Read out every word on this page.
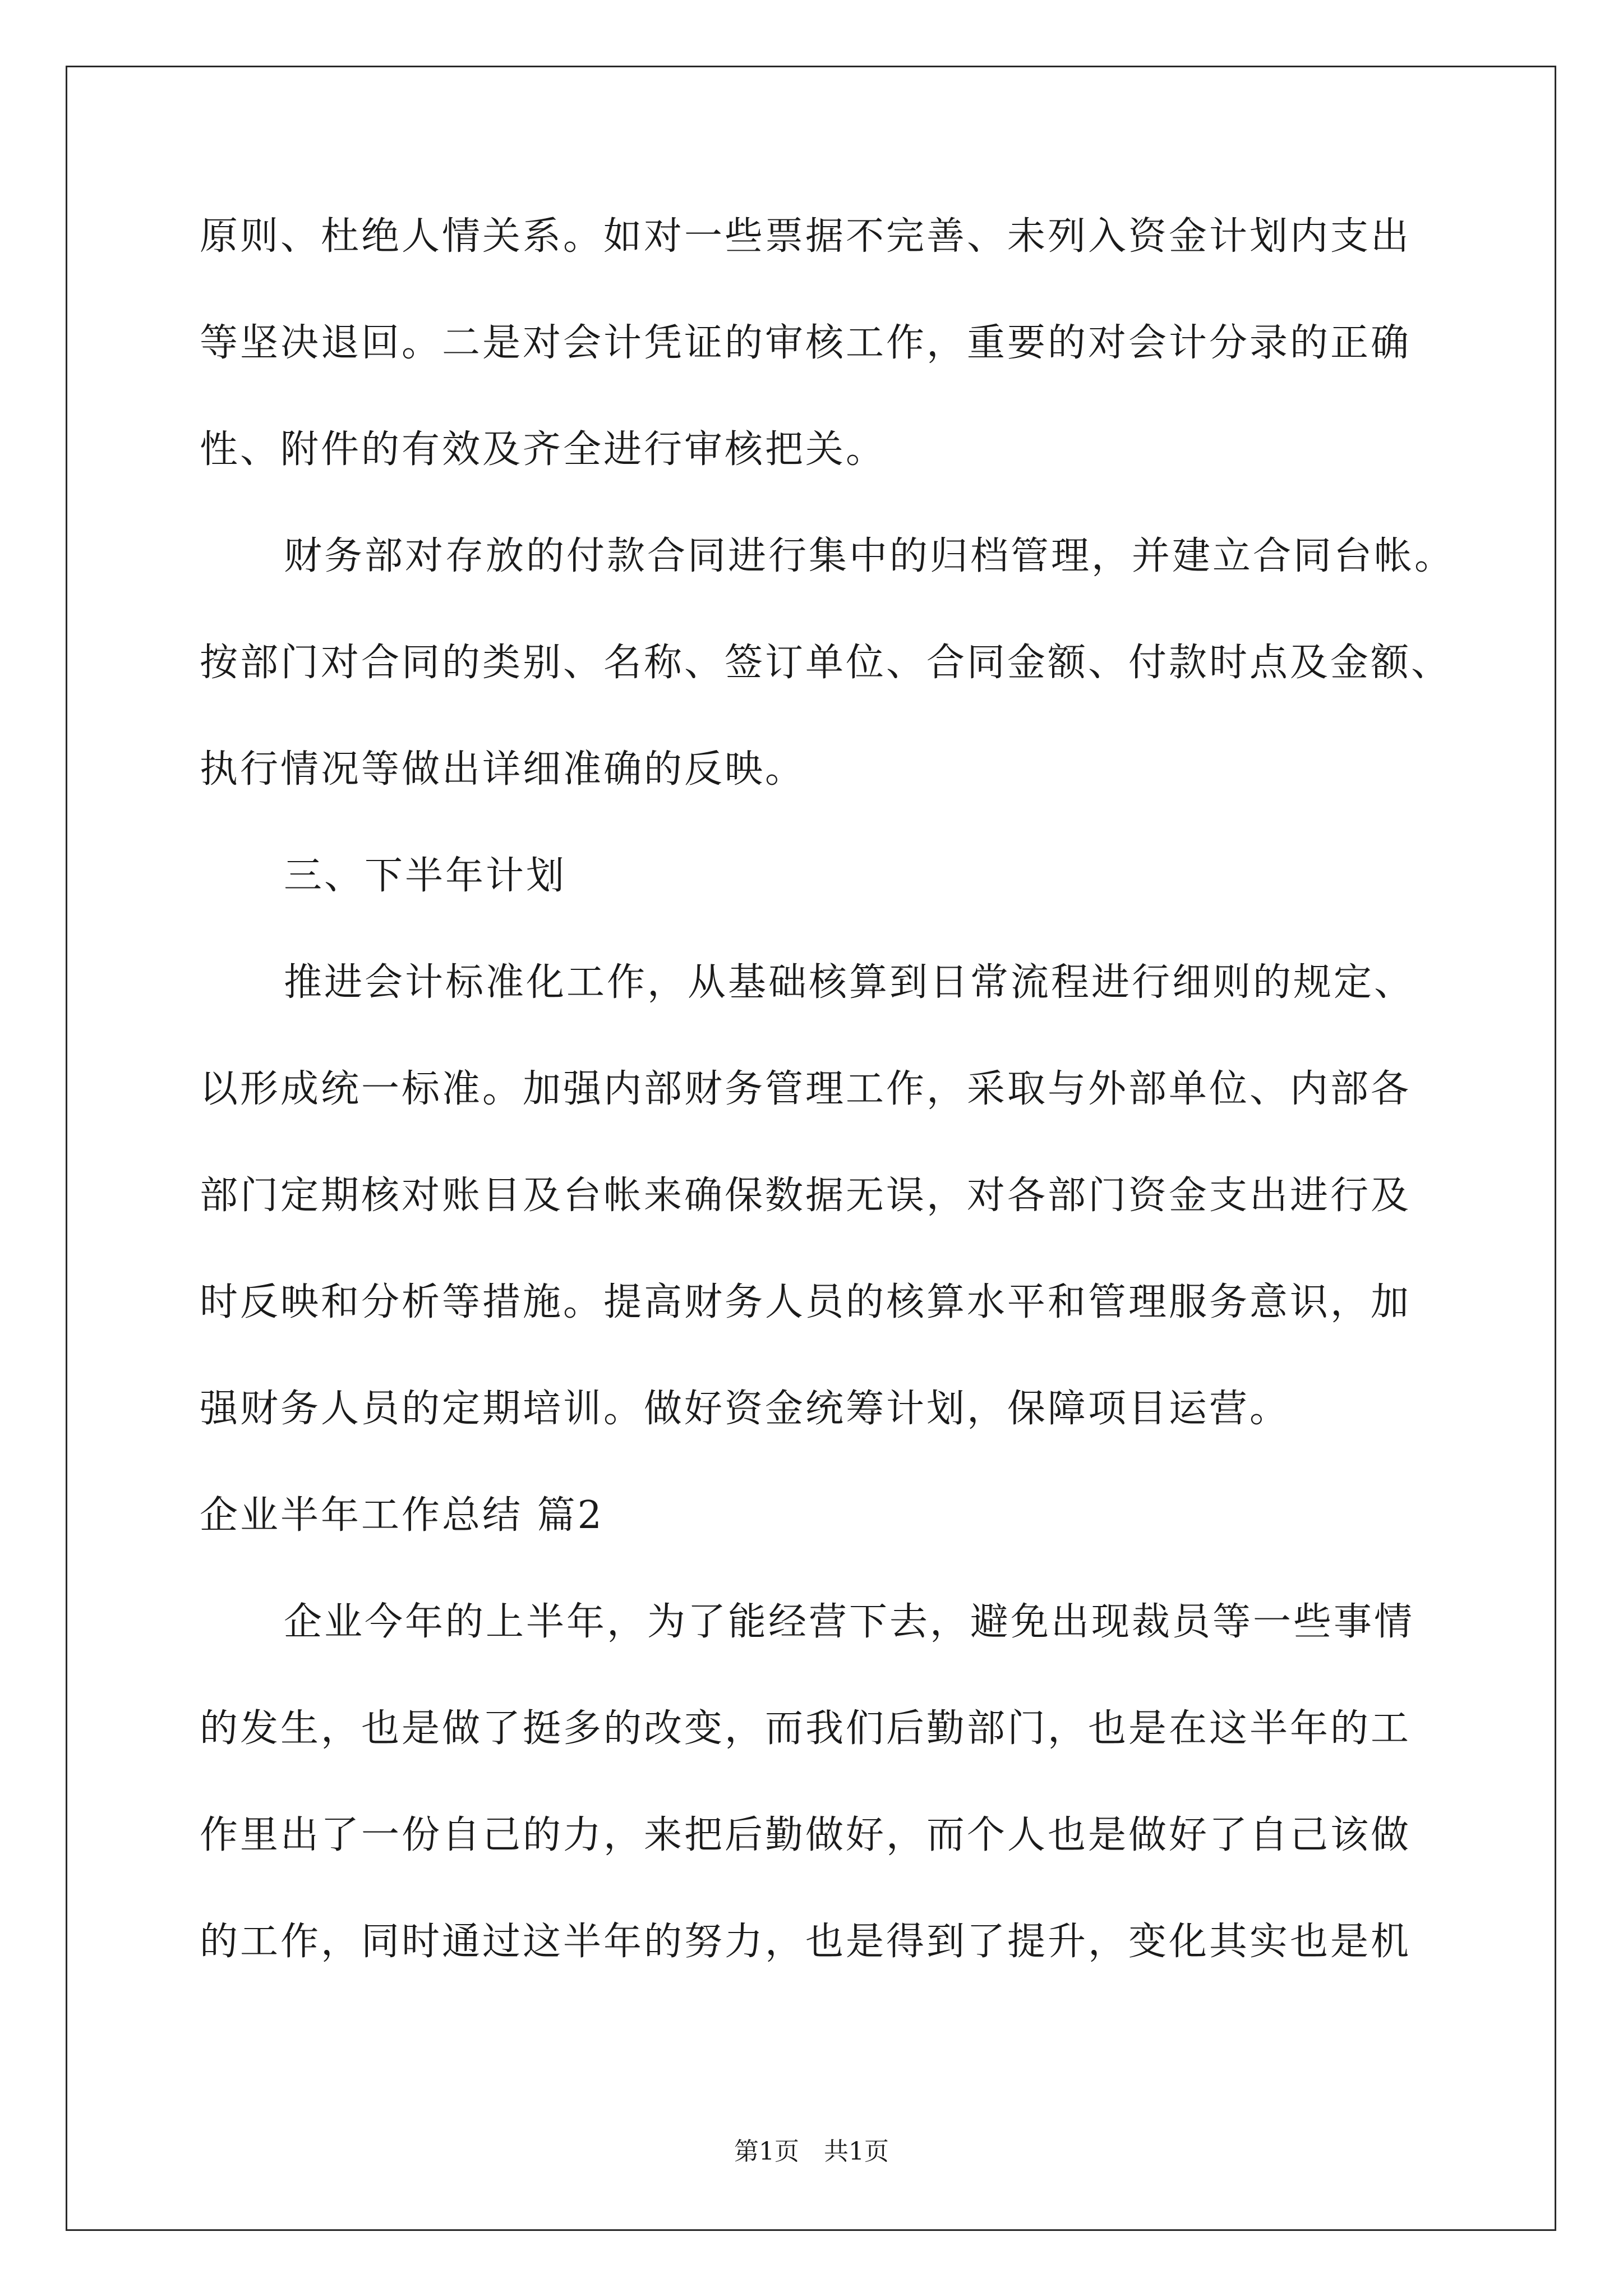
原则、杜绝人情关系。如对一些票据不完善、未列入资金计划内支出
等坚决退回。二是对会计凭证的审核工作，重要的对会计分录的正确
性、附件的有效及齐全进行审核把关。
财务部对存放的付款合同进行集中的归档管理，并建立合同台帐。
按部门对合同的类别、名称、签订单位、合同金额、付款时点及金额、
执行情况等做出详细准确的反映。
三、下半年计划
推进会计标准化工作，从基础核算到日常流程进行细则的规定、
以形成统一标准。加强内部财务管理工作，采取与外部单位、内部各
部门定期核对账目及台帐来确保数据无误，对各部门资金支出进行及
时反映和分析等措施。提高财务人员的核算水平和管理服务意识，加
强财务人员的定期培训。做好资金统筹计划，保障项目运营。
企业半年工作总结 篇2
企业今年的上半年，为了能经营下去，避免出现裁员等一些事情
的发生，也是做了挺多的改变，而我们后勤部门，也是在这半年的工
作里出了一份自己的力，来把后勤做好，而个人也是做好了自己该做
的工作，同时通过这半年的努力，也是得到了提升，变化其实也是机
第1页　共1页
